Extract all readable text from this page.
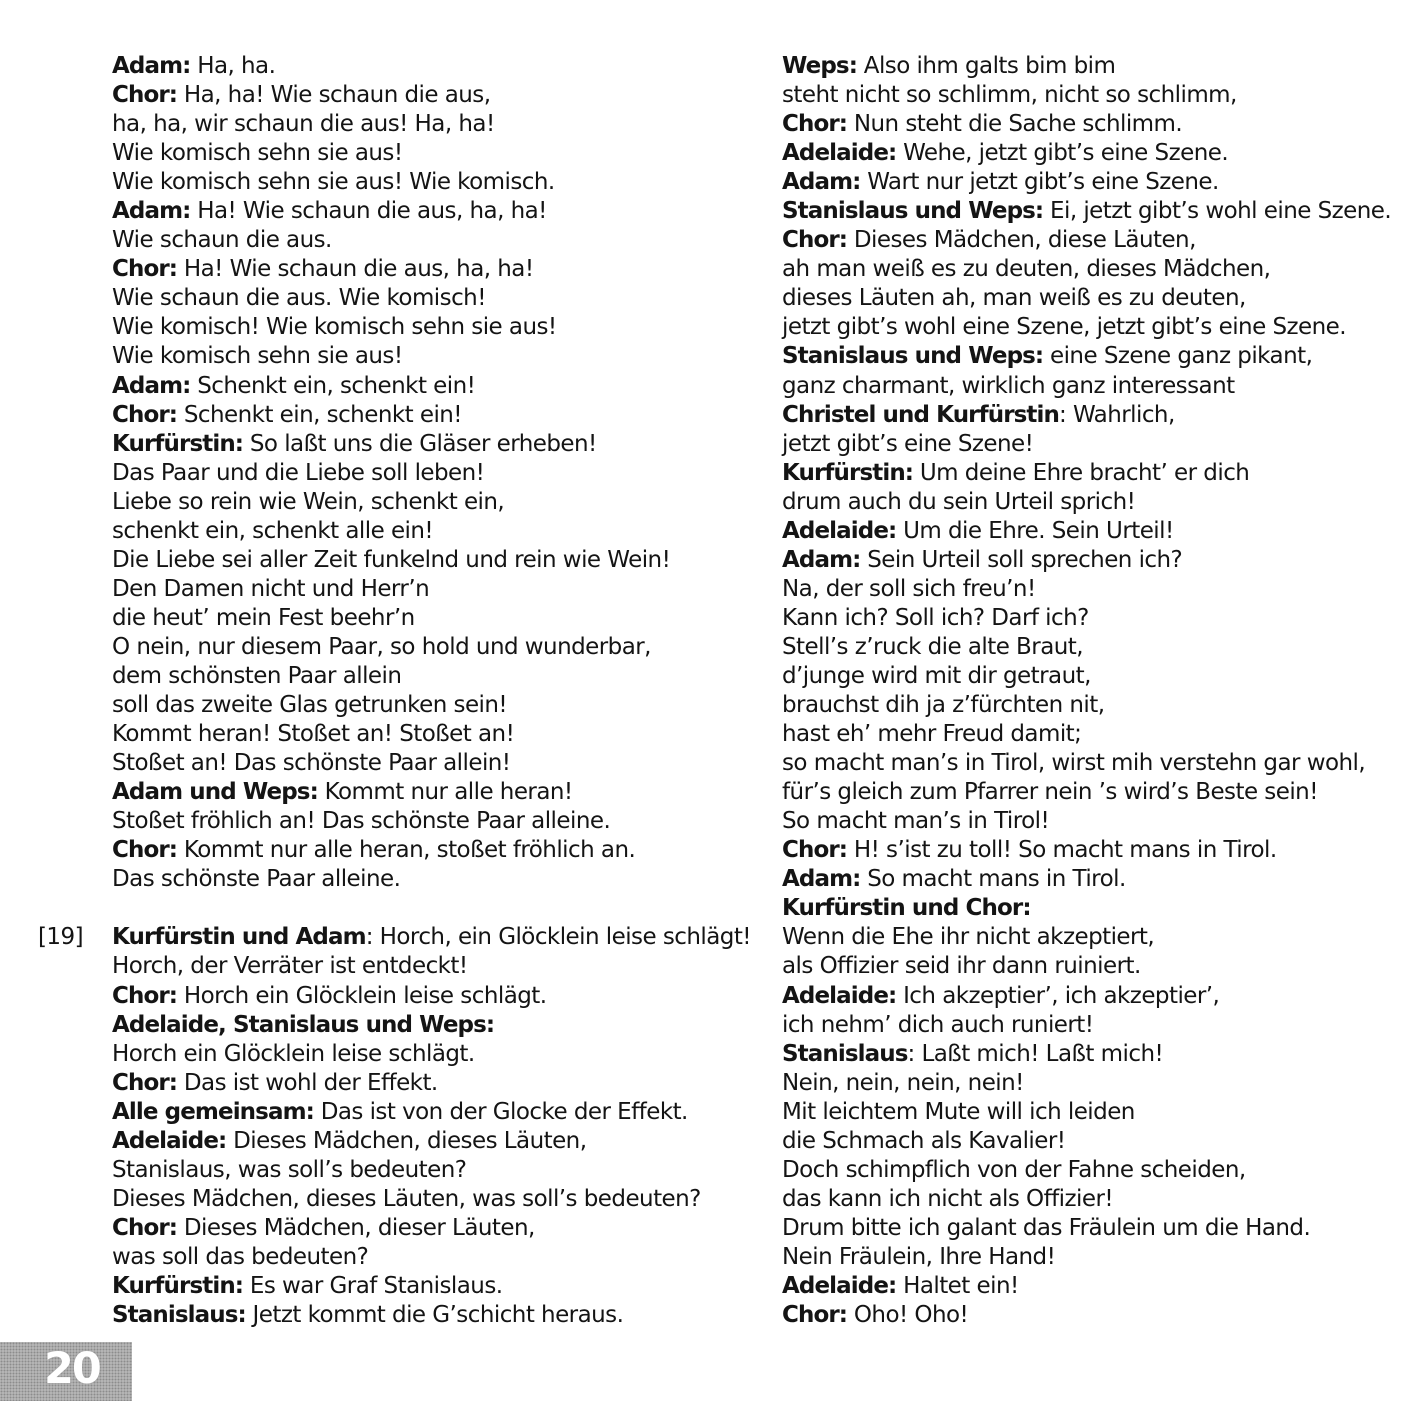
Adam: Ha, ha.
Chor: Ha, ha! Wie schaun die aus,
ha, ha, wir schaun die aus! Ha, ha!
Wie komisch sehn sie aus!
Wie komisch sehn sie aus! Wie komisch.
Adam: Ha! Wie schaun die aus, ha, ha!
Wie schaun die aus.
Chor: Ha! Wie schaun die aus, ha, ha!
Wie schaun die aus. Wie komisch!
Wie komisch! Wie komisch sehn sie aus!
Wie komisch sehn sie aus!
Adam: Schenkt ein, schenkt ein!
Chor: Schenkt ein, schenkt ein!
Kurfürstin: So laßt uns die Gläser erheben!
Das Paar und die Liebe soll leben!
Liebe so rein wie Wein, schenkt ein,
schenkt ein, schenkt alle ein!
Die Liebe sei aller Zeit funkelnd und rein wie Wein!
Den Damen nicht und Herr’n
die heut’ mein Fest beehr’n
O nein, nur diesem Paar, so hold und wunderbar,
dem schönsten Paar allein
soll das zweite Glas getrunken sein!
Kommt heran! Stoßet an! Stoßet an!
Stoßet an! Das schönste Paar allein!
Adam und Weps: Kommt nur alle heran!
Stoßet fröhlich an! Das schönste Paar alleine.
Chor: Kommt nur alle heran, stoßet fröhlich an.
Das schönste Paar alleine.
[19]	Kurfürstin und Adam: Horch, ein Glöcklein leise schlägt!
Horch, der Verräter ist entdeckt!
Chor: Horch ein Glöcklein leise schlägt.
Adelaide, Stanislaus und Weps:
Horch ein Glöcklein leise schlägt.
Chor: Das ist wohl der Effekt.
Alle gemeinsam: Das ist von der Glocke der Effekt.
Adelaide: Dieses Mädchen, dieses Läuten,
Stanislaus, was soll’s bedeuten?
Dieses Mädchen, dieses Läuten, was soll’s bedeuten?
Chor: Dieses Mädchen, dieser Läuten,
was soll das bedeuten?
Kurfürstin: Es war Graf Stanislaus.
Stanislaus: Jetzt kommt die G’schicht heraus.
Weps: Also ihm galts bim bim
steht nicht so schlimm, nicht so schlimm,
Chor: Nun steht die Sache schlimm.
Adelaide: Wehe, jetzt gibt’s eine Szene.
Adam: Wart nur jetzt gibt’s eine Szene.
Stanislaus und Weps: Ei, jetzt gibt’s wohl eine Szene.
Chor: Dieses Mädchen, diese Läuten,
ah man weiß es zu deuten, dieses Mädchen,
dieses Läuten ah, man weiß es zu deuten,
jetzt gibt’s wohl eine Szene, jetzt gibt’s eine Szene.
Stanislaus und Weps: eine Szene ganz pikant,
ganz charmant, wirklich ganz interessant
Christel und Kurfürstin: Wahrlich,
jetzt gibt’s eine Szene!
Kurfürstin: Um deine Ehre bracht’ er dich
drum auch du sein Urteil sprich!
Adelaide: Um die Ehre. Sein Urteil!
Adam: Sein Urteil soll sprechen ich?
Na, der soll sich freu’n!
Kann ich? Soll ich? Darf ich?
Stell’s z’ruck die alte Braut,
d’junge wird mit dir getraut,
brauchst dih ja z’fürchten nit,
hast eh’ mehr Freud damit;
so macht man’s in Tirol, wirst mih verstehn gar wohl,
für’s gleich zum Pfarrer nein ’s wird’s Beste sein!
So macht man’s in Tirol!
Chor: H! s’ist zu toll! So macht mans in Tirol.
Adam: So macht mans in Tirol.
Kurfürstin und Chor:
Wenn die Ehe ihr nicht akzeptiert,
als Offizier seid ihr dann ruiniert.
Adelaide: Ich akzeptier’, ich akzeptier’,
ich nehm’ dich auch runiert!
Stanislaus: Laßt mich! Laßt mich!
Nein, nein, nein, nein!
Mit leichtem Mute will ich leiden
die Schmach als Kavalier!
Doch schimpflich von der Fahne scheiden,
das kann ich nicht als Offizier!
Drum bitte ich galant das Fräulein um die Hand.
Nein Fräulein, Ihre Hand!
Adelaide: Haltet ein!
Chor: Oho! Oho!
20
